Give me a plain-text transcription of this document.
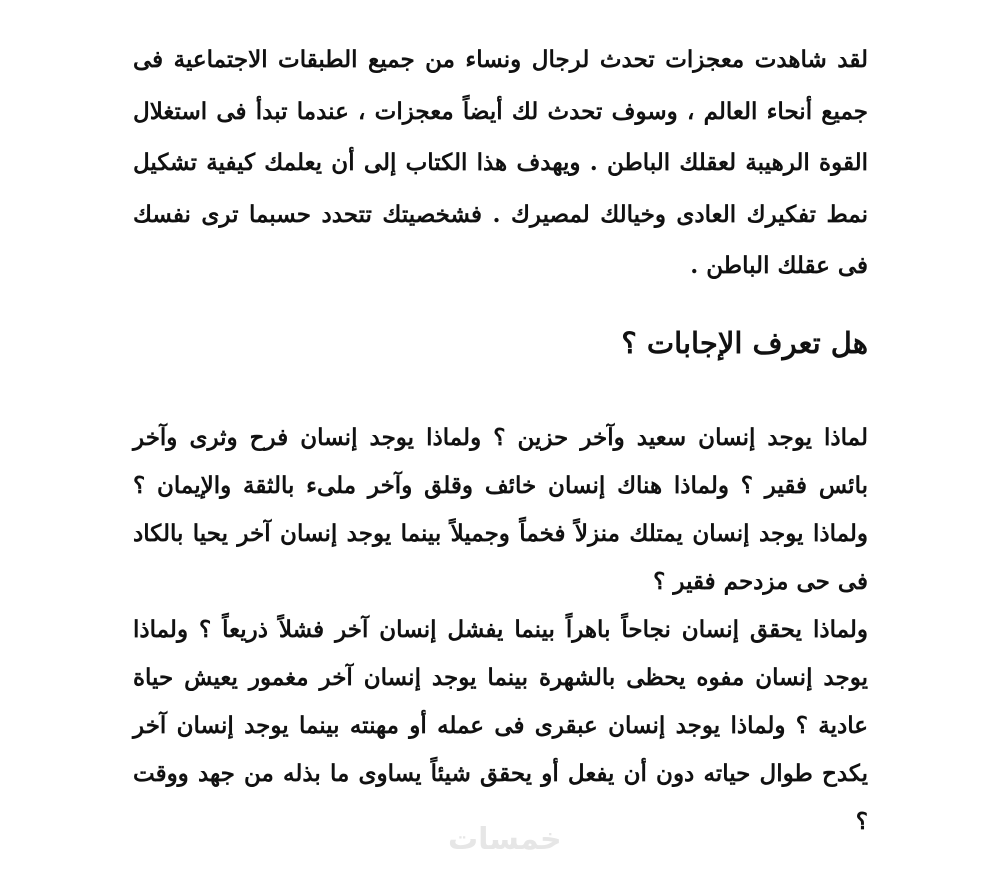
لقد شاهدت معجزات تحدث لرجال ونساء من جميع الطبقات الاجتماعية فى جميع أنحاء العالم ، وسوف تحدث لك أيضاً معجزات ، عندما تبدأ فى استغلال القوة الرهيبة لعقلك الباطن . ويهدف هذا الكتاب إلى أن يعلمك كيفية تشكيل نمط تفكيرك العادى وخيالك لمصيرك . فشخصيتك تتحدد حسبما ترى نفسك فى عقلك الباطن .

هل تعرف الإجابات ؟

لماذا يوجد إنسان سعيد وآخر حزين ؟ ولماذا يوجد إنسان فرح وثرى وآخر بائس فقير ؟ ولماذا هناك إنسان خائف وقلق وآخر ملىء بالثقة والإيمان ؟ ولماذا يوجد إنسان يمتلك منزلاً فخماً وجميلاً بينما يوجد إنسان آخر يحيا بالكاد فى حى مزدحم فقير ؟

ولماذا يحقق إنسان نجاحاً باهراً بينما يفشل إنسان آخر فشلاً ذريعاً ؟ ولماذا يوجد إنسان مفوه يحظى بالشهرة بينما يوجد إنسان آخر مغمور يعيش حياة عادية ؟ ولماذا يوجد إنسان عبقرى فى عمله أو مهنته بينما يوجد إنسان آخر يكدح طوال حياته دون أن يفعل أو يحقق شيئاً يساوى ما بذله من جهد ووقت ؟

خمسات
